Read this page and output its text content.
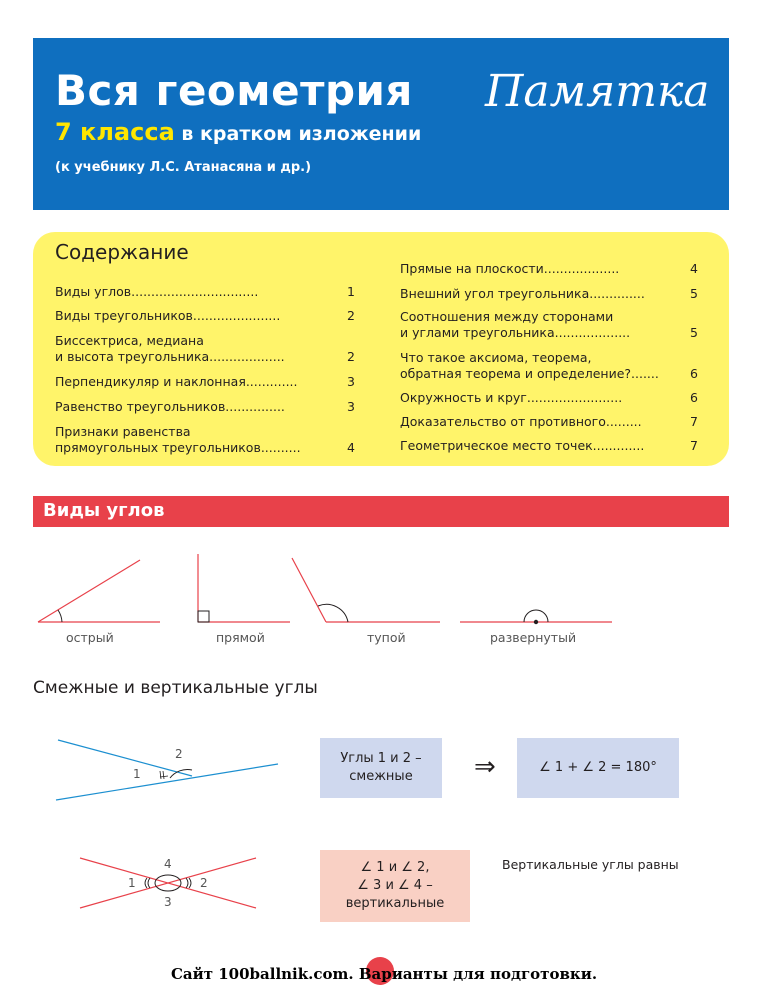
Вся геометрия Памятка
7 класса в кратком изложении
(к учебнику Л.С. Атанасяна и др.)
Содержание
Виды углов................................	1
Виды треугольников......................	2
Биссектриса, медиана
и высота треугольника...................	2
Перпендикуляр и наклонная.............	3
Равенство треугольников...............	3
Признаки равенства
прямоугольных треугольников..........	4
Прямые на плоскости...................	4
Внешний угол треугольника..............	5
Соотношения между сторонами
и углами треугольника...................	5
Что такое аксиома, теорема,
обратная теорема и определение?.......	6
Окружность и круг........................	6
Доказательство от противного.........	7
Геометрическое место точек.............	7
Виды углов
острый	прямой	тупой	развернутый
Смежные и вертикальные углы
2
1
Углы 1 и 2 –
смежные	⇒	∠ 1 + ∠ 2 = 180°
4
1	2
3
∠ 1 и ∠ 2,
∠ 3 и ∠ 4 –
вертикальные
Вертикальные углы равны
Сайт 100ballnik.com. Варианты для подготовки.
